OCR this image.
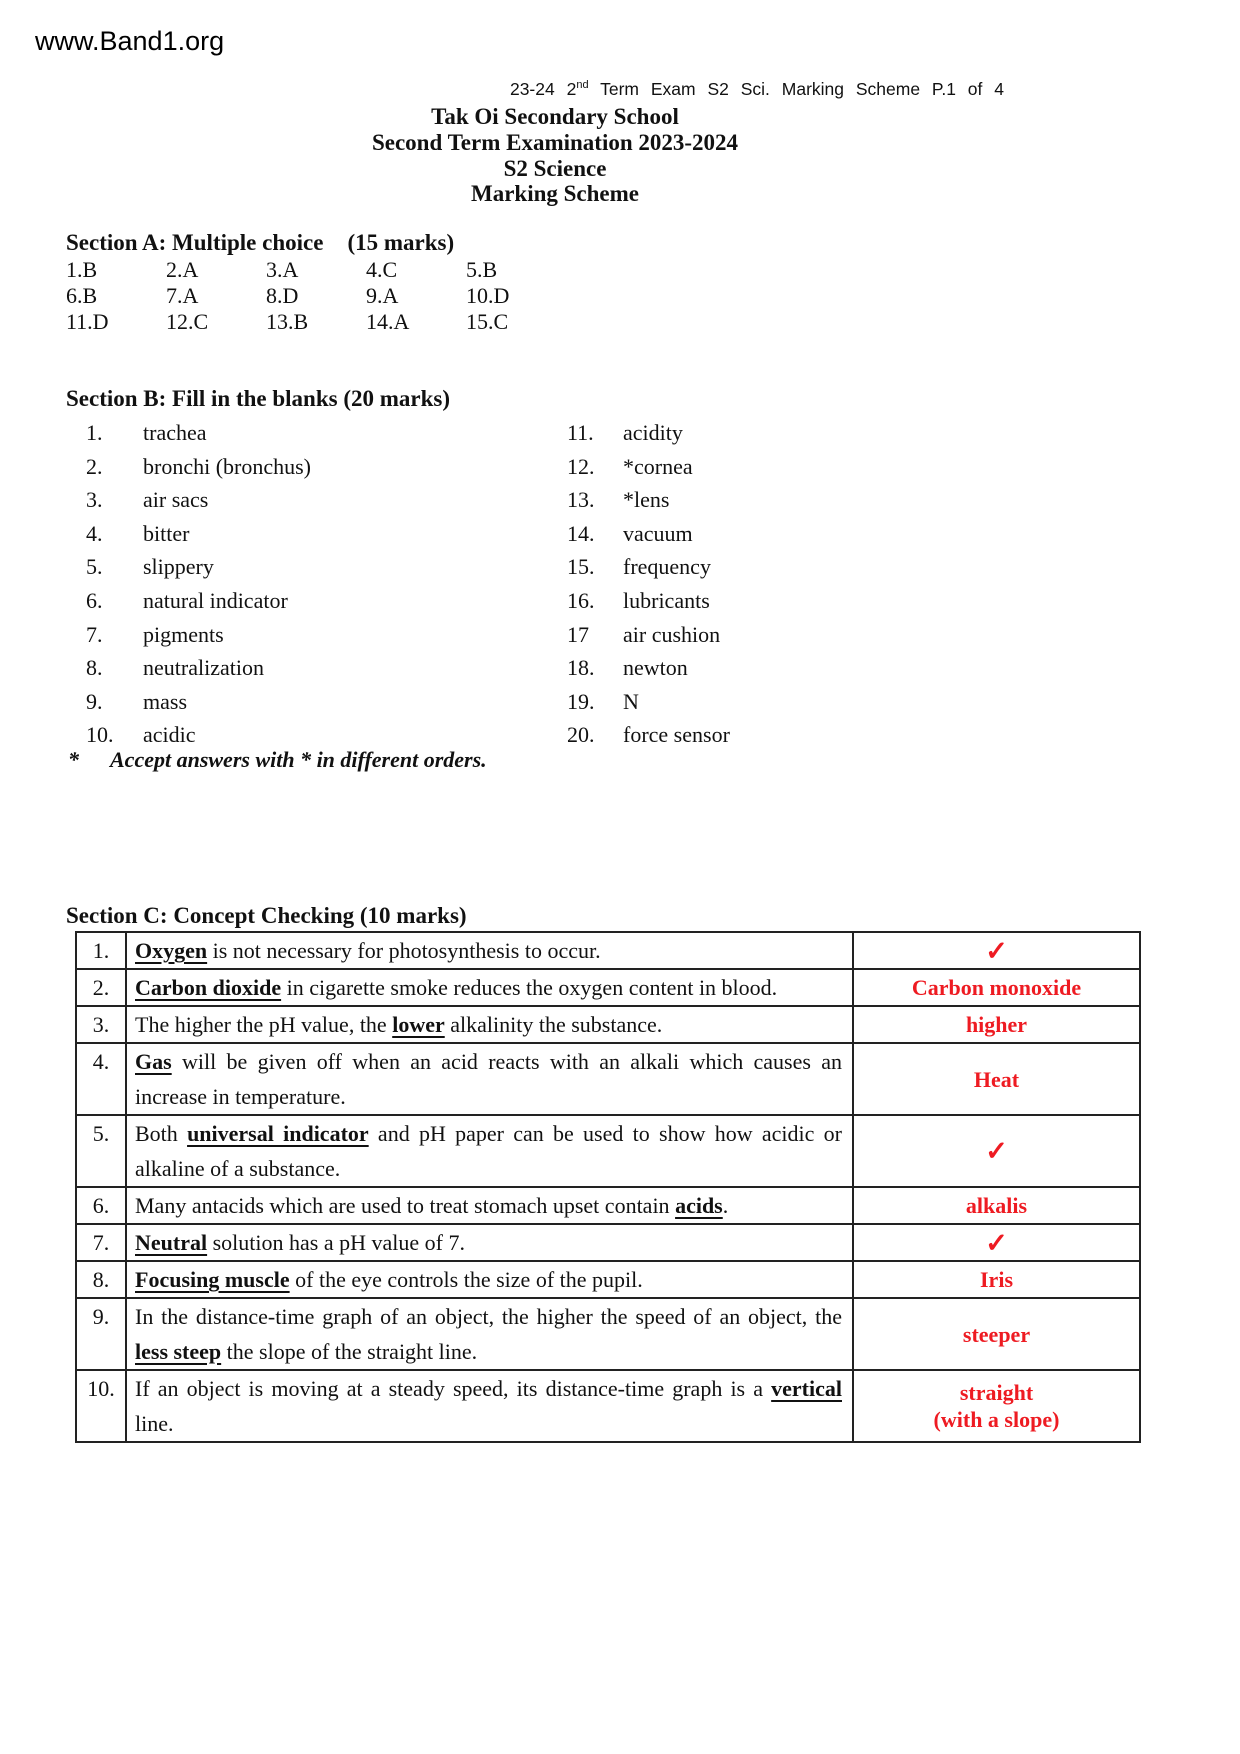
www.Band1.org
23-24 2nd Term Exam S2 Sci. Marking Scheme P.1 of 4
Tak Oi Secondary School
Second Term Examination 2023-2024
S2 Science
Marking Scheme
Section A: Multiple choice (15 marks)
1.B	2.A	3.A	4.C	5.B
6.B	7.A	8.D	9.A	10.D
11.D	12.C	13.B	14.A	15.C
Section B: Fill in the blanks (20 marks)
1. trachea
2. bronchi (bronchus)
3. air sacs
4. bitter
5. slippery
6. natural indicator
7. pigments
8. neutralization
9. mass
10. acidic
11. acidity
12. *cornea
13. *lens
14. vacuum
15. frequency
16. lubricants
17 air cushion
18. newton
19. N
20. force sensor
* Accept answers with * in different orders.
Section C: Concept Checking (10 marks)
1.	Oxygen is not necessary for photosynthesis to occur.	✓
2.	Carbon dioxide in cigarette smoke reduces the oxygen content in blood.	Carbon monoxide

3.	The higher the pH value, the lower alkalinity the substance.	higher

4.	Gas will be given off when an acid reacts with an alkali which causes an increase in temperature.	Heat

5.	Both universal indicator and pH paper can be used to show how acidic or alkaline of a substance.	✓
6.	Many antacids which are used to treat stomach upset contain acids.	alkalis

7.	Neutral solution has a pH value of 7.	✓
8.	Focusing muscle of the eye controls the size of the pupil.	Iris

9.	In the distance-time graph of an object, the higher the speed of an object, the less steep the slope of the straight line.	steeper

10.	If an object is moving at a steady speed, its distance-time graph is a vertical line.	straight
(with a slope)
